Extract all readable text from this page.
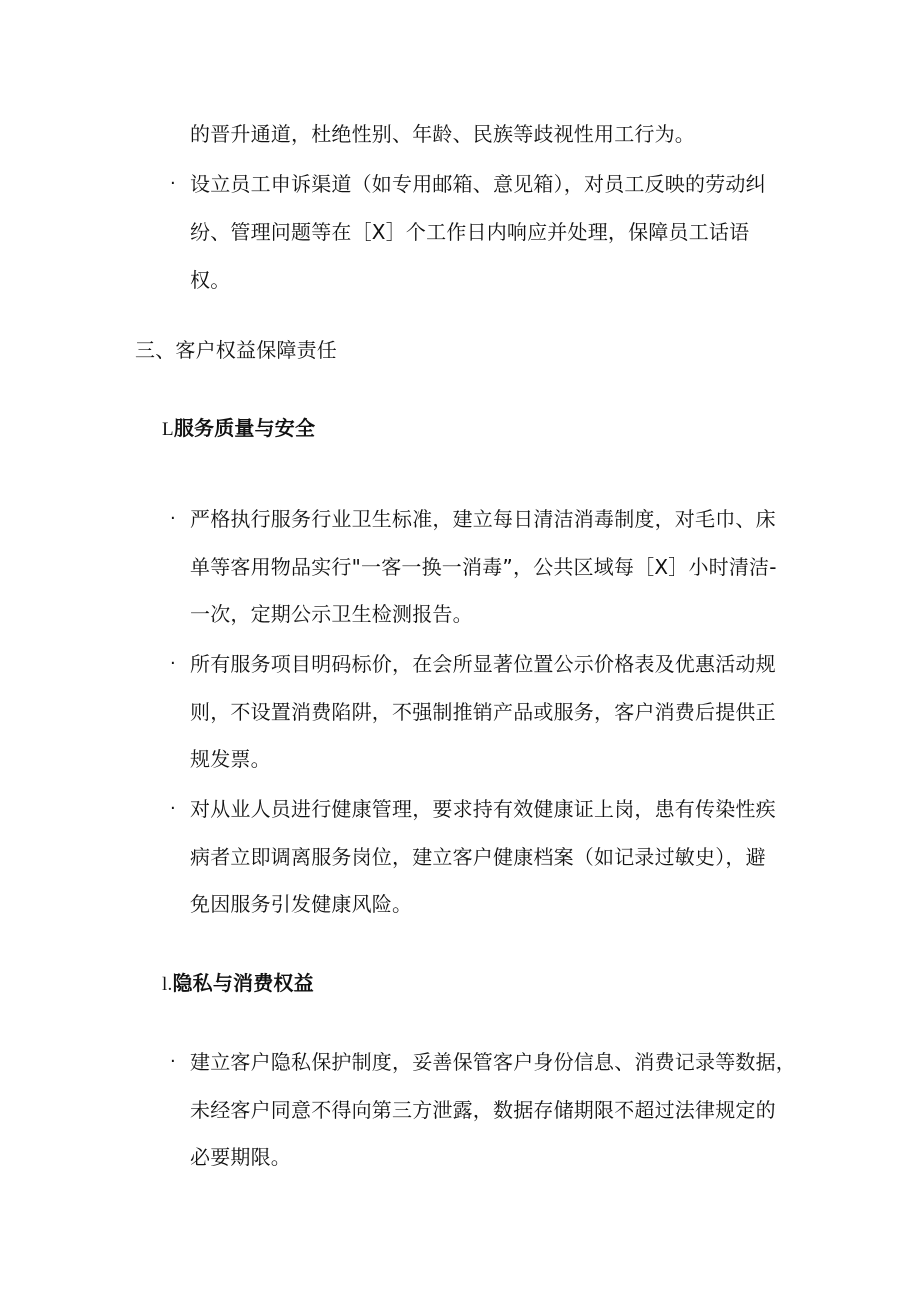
的晋升通道，杜绝性别、年龄、民族等歧视性用工行为。
· 设立员工申诉渠道（如专用邮箱、意见箱），对员工反映的劳动纠
纷、管理问题等在［X］个工作日内响应并处理，保障员工话语
权。
三、客户权益保障责任
L服务质量与安全
· 严格执行服务行业卫生标准，建立每日清洁消毒制度，对毛巾、床
单等客用物品实行"一客一换一消毒”，公共区域每［X］小时清洁-
一次，定期公示卫生检测报告。
· 所有服务项目明码标价，在会所显著位置公示价格表及优惠活动规
则，不设置消费陷阱，不强制推销产品或服务，客户消费后提供正
规发票。
· 对从业人员进行健康管理，要求持有效健康证上岗，患有传染性疾
病者立即调离服务岗位，建立客户健康档案（如记录过敏史），避
免因服务引发健康风险。
l.隐私与消费权益
· 建立客户隐私保护制度，妥善保管客户身份信息、消费记录等数据，
未经客户同意不得向第三方泄露，数据存储期限不超过法律规定的
必要期限。
